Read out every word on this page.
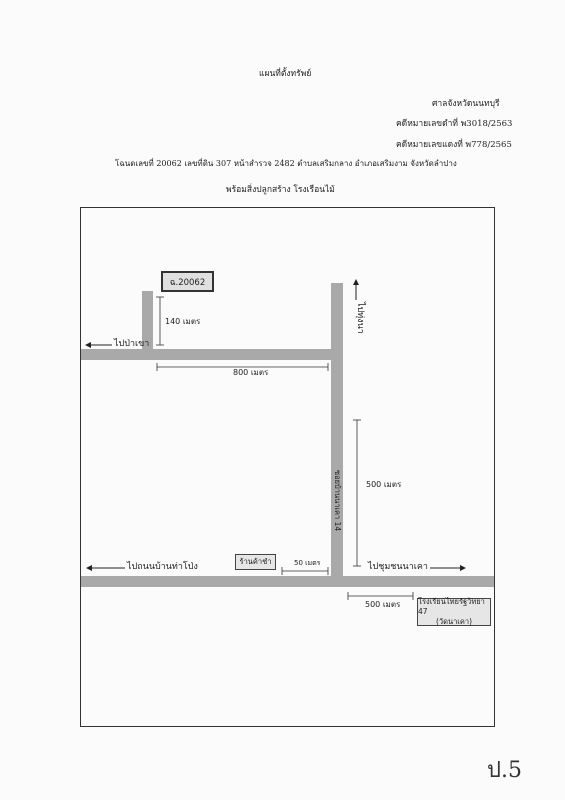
แผนที่ตั้งทรัพย์
ศาลจังหวัดนนทบุรี
คดีหมายเลขดำที่ พ3018/2563
คดีหมายเลขแดงที่ พ778/2565
โฉนดเลขที่ 20062 เลขที่ดิน 307 หน้าสำรวจ 2482 ตำบลเสริมกลาง อำเภอเสริมงาม จังหวัดลำปาง
พร้อมสิ่งปลูกสร้าง โรงเรือนไม้
ฉ.20062
ร้านค้าชำ
โรงเรียนไทยรัฐวิทยา 47
(วัดนาเคา)
140 เมตร
ไปป่าเขา
800 เมตร
ไปทุ่งนา
ซอยบ้านนาเคา 14	500 เมตร
ไปถนนบ้านท่าโป่ง	50 เมตร	ไปชุมชนนาเคา
500 เมตร
ป.5
